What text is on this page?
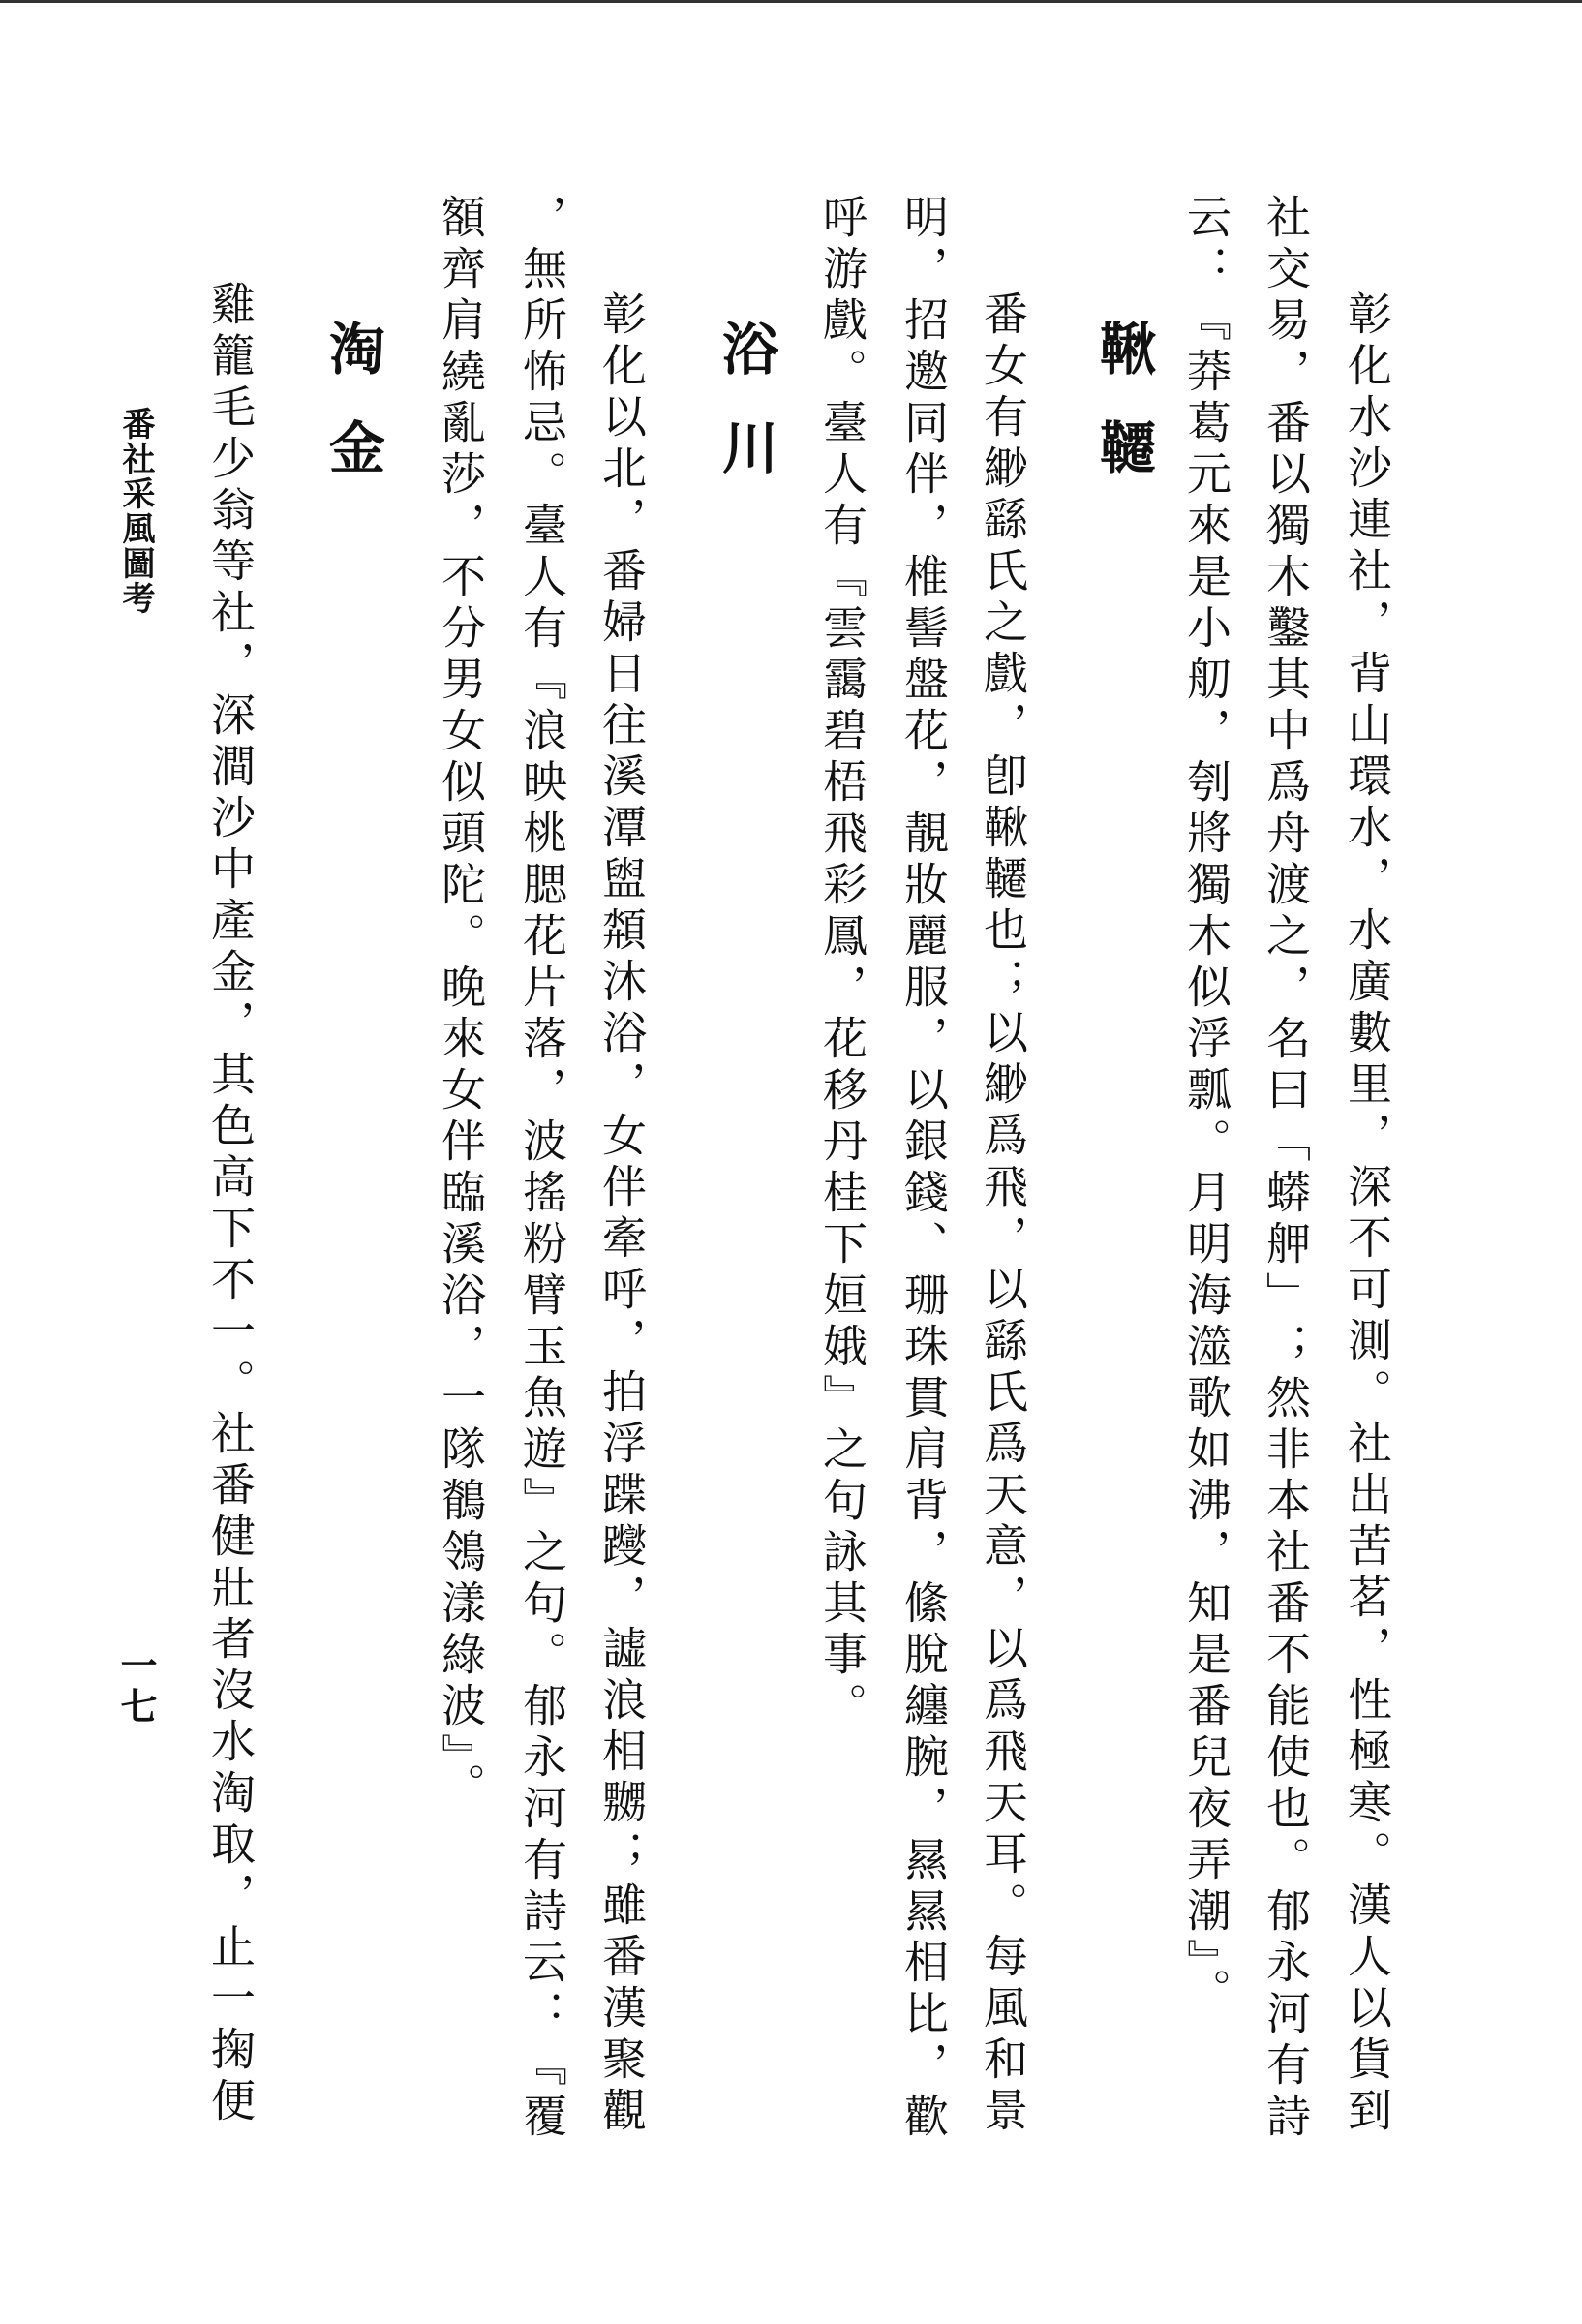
彰化水沙連社，背山環水，水廣數里，深不可測。社出苦茗，性極寒。漢人以貨到
社交易，番以獨木鑿其中爲舟渡之，名曰「蟒舺」；然非本社番不能使也。郁永河有詩
云：『莽葛元來是小舠，刳將獨木似浮瓢。月明海澨歌如沸，知是番兒夜弄潮』。
鞦韆
番女有緲繇氏之戲，卽鞦韆也；以緲爲飛，以繇氏爲天意，以爲飛天耳。每風和景
明，招邀同伴，椎髻盤花，靚妝麗服，以銀錢、珊珠貫肩背，絛脫纏腕，㬎㬎相比，歡
呼游戲。臺人有『雲靄碧梧飛彩鳳，花移丹桂下姮娥』之句詠其事。
浴川
彰化以北，番婦日往溪潭盥頮沐浴，女伴牽呼，拍浮蹀躞，譃浪相嬲；雖番漢聚觀
，無所怖忌。臺人有『浪映桃腮花片落，波搖粉臂玉魚遊』之句。郁永河有詩云：『覆
額齊肩繞亂莎，不分男女似頭陀。晚來女伴臨溪浴，一隊鶺鴒漾綠波』。
淘金
雞籠毛少翁等社，深澗沙中產金，其色高下不一。社番健壯者沒水淘取，止一掬便
番社采風圖考
一七
